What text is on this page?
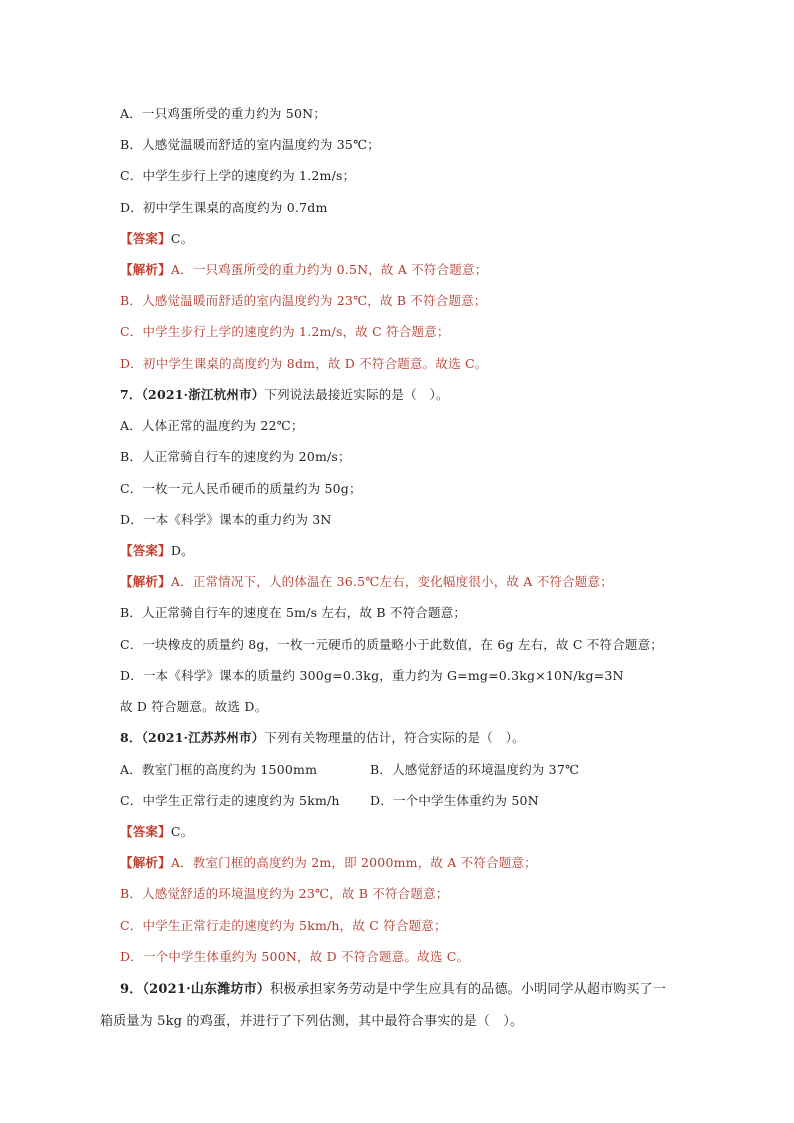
A．一只鸡蛋所受的重力约为 50N；
B．人感觉温暖而舒适的室内温度约为 35℃；
C．中学生步行上学的速度约为 1.2m/s；
D．初中学生课桌的高度约为 0.7dm
【答案】C。
【解析】A．一只鸡蛋所受的重力约为 0.5N，故 A 不符合题意；
B．人感觉温暖而舒适的室内温度约为 23℃，故 B 不符合题意；
C．中学生步行上学的速度约为 1.2m/s，故 C 符合题意；
D．初中学生课桌的高度约为 8dm，故 D 不符合题意。故选 C。
7．（2021·浙江杭州市）下列说法最接近实际的是（　）。
A．人体正常的温度约为 22℃；
B．人正常骑自行车的速度约为 20m/s；
C．一枚一元人民币硬币的质量约为 50g；
D．一本《科学》课本的重力约为 3N
【答案】D。
【解析】A．正常情况下，人的体温在 36.5℃左右，变化幅度很小，故 A 不符合题意；
B．人正常骑自行车的速度在 5m/s 左右，故 B 不符合题意；
C．一块橡皮的质量约 8g，一枚一元硬币的质量略小于此数值，在 6g 左右，故 C 不符合题意；
D．一本《科学》课本的质量约 300g=0.3kg，重力约为 G=mg=0.3kg×10N/kg=3N
故 D 符合题意。故选 D。
8．（2021·江苏苏州市）下列有关物理量的估计，符合实际的是（　）。
A．教室门框的高度约为 1500mm	B．人感觉舒适的环境温度约为 37℃
C．中学生正常行走的速度约为 5km/h D．一个中学生体重约为 50N
【答案】C。
【解析】A．教室门框的高度约为 2m，即 2000mm，故 A 不符合题意；
B．人感觉舒适的环境温度约为 23℃，故 B 不符合题意；
C．中学生正常行走的速度约为 5km/h，故 C 符合题意；
D．一个中学生体重约为 500N，故 D 不符合题意。故选 C。
9．（2021·山东潍坊市）积极承担家务劳动是中学生应具有的品德。小明同学从超市购买了一
箱质量为 5kg 的鸡蛋，并进行了下列估测，其中最符合事实的是（　）。
